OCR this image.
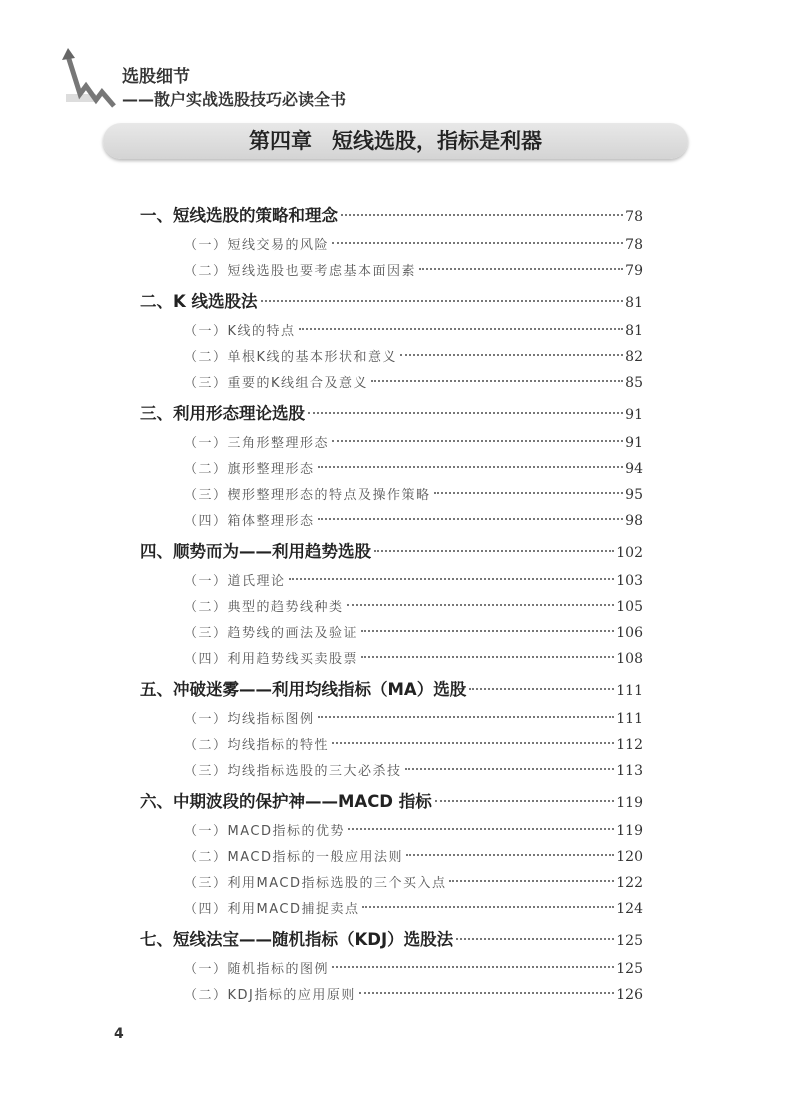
选股细节
——散户实战选股技巧必读全书
第四章 短线选股，指标是利器
一、短线选股的策略和理念	78
（一）短线交易的风险	78
（二）短线选股也要考虑基本面因素	79
二、K 线选股法	81
（一）K线的特点	81
（二）单根K线的基本形状和意义	82
（三）重要的K线组合及意义	85
三、利用形态理论选股	91
（一）三角形整理形态	91
（二）旗形整理形态	94
（三）楔形整理形态的特点及操作策略	95
（四）箱体整理形态	98
四、顺势而为——利用趋势选股	102
（一）道氏理论	103
（二）典型的趋势线种类	105
（三）趋势线的画法及验证	106
（四）利用趋势线买卖股票	108
五、冲破迷雾——利用均线指标（MA）选股	111
（一）均线指标图例	111
（二）均线指标的特性	112
（三）均线指标选股的三大必杀技	113
六、中期波段的保护神——MACD 指标	119
（一）MACD指标的优势	119
（二）MACD指标的一般应用法则	120
（三）利用MACD指标选股的三个买入点	122
（四）利用MACD捕捉卖点	124
七、短线法宝——随机指标（KDJ）选股法	125
（一）随机指标的图例	125
（二）KDJ指标的应用原则	126
4
